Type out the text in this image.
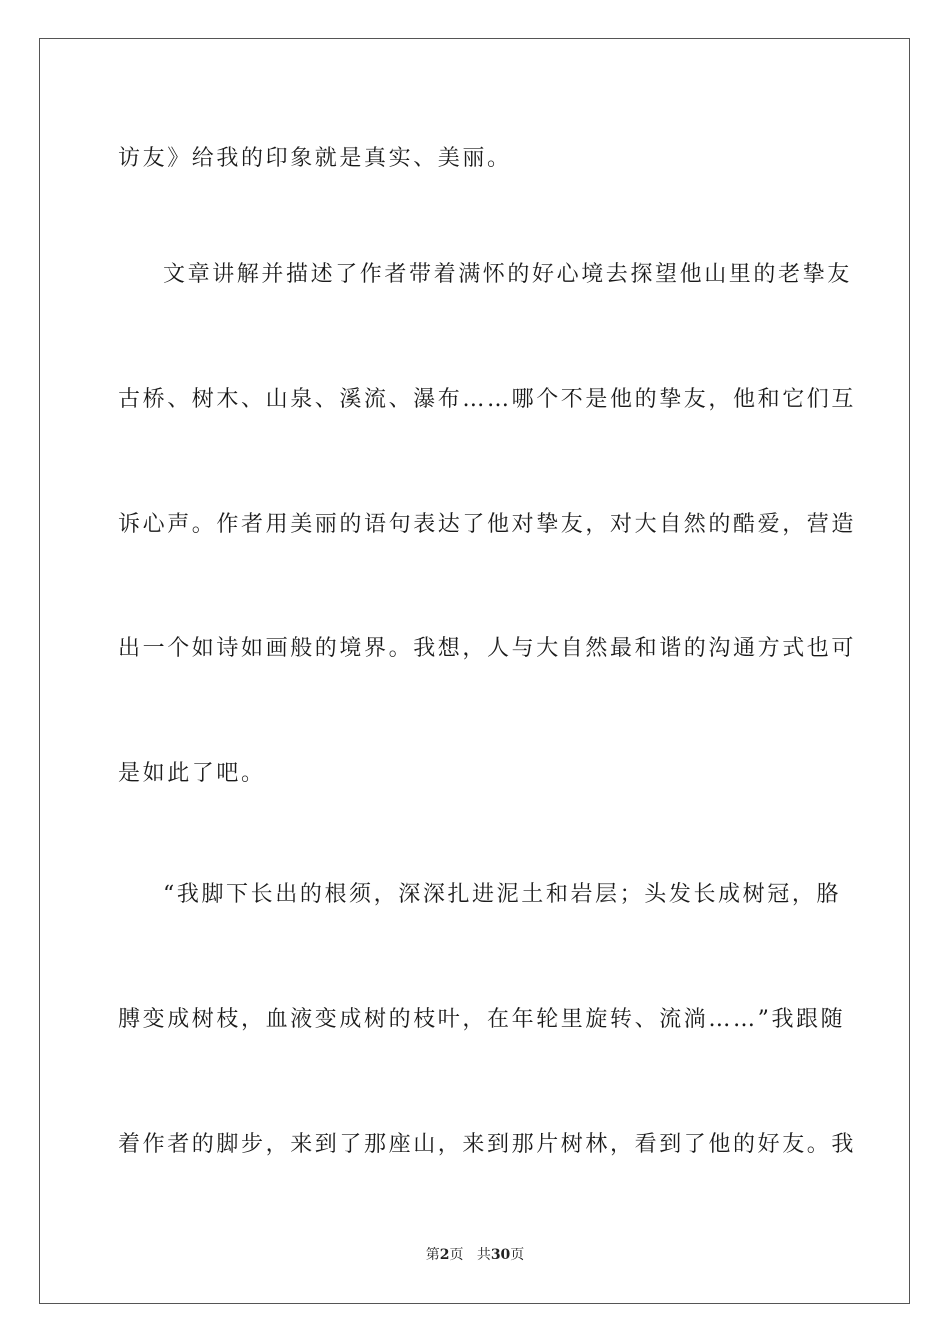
访友》给我的印象就是真实、美丽。
文章讲解并描述了作者带着满怀的好心境去探望他山里的老挚友
古桥、树木、山泉、溪流、瀑布……哪个不是他的挚友，他和它们互
诉心声。作者用美丽的语句表达了他对挚友，对大自然的酷爱，营造
出一个如诗如画般的境界。我想，人与大自然最和谐的沟通方式也可
是如此了吧。
“我脚下长出的根须，深深扎进泥土和岩层；头发长成树冠，胳
膊变成树枝，血液变成树的枝叶，在年轮里旋转、流淌……”我跟随
着作者的脚步，来到了那座山，来到那片树林，看到了他的好友。我
第2页 共30页
